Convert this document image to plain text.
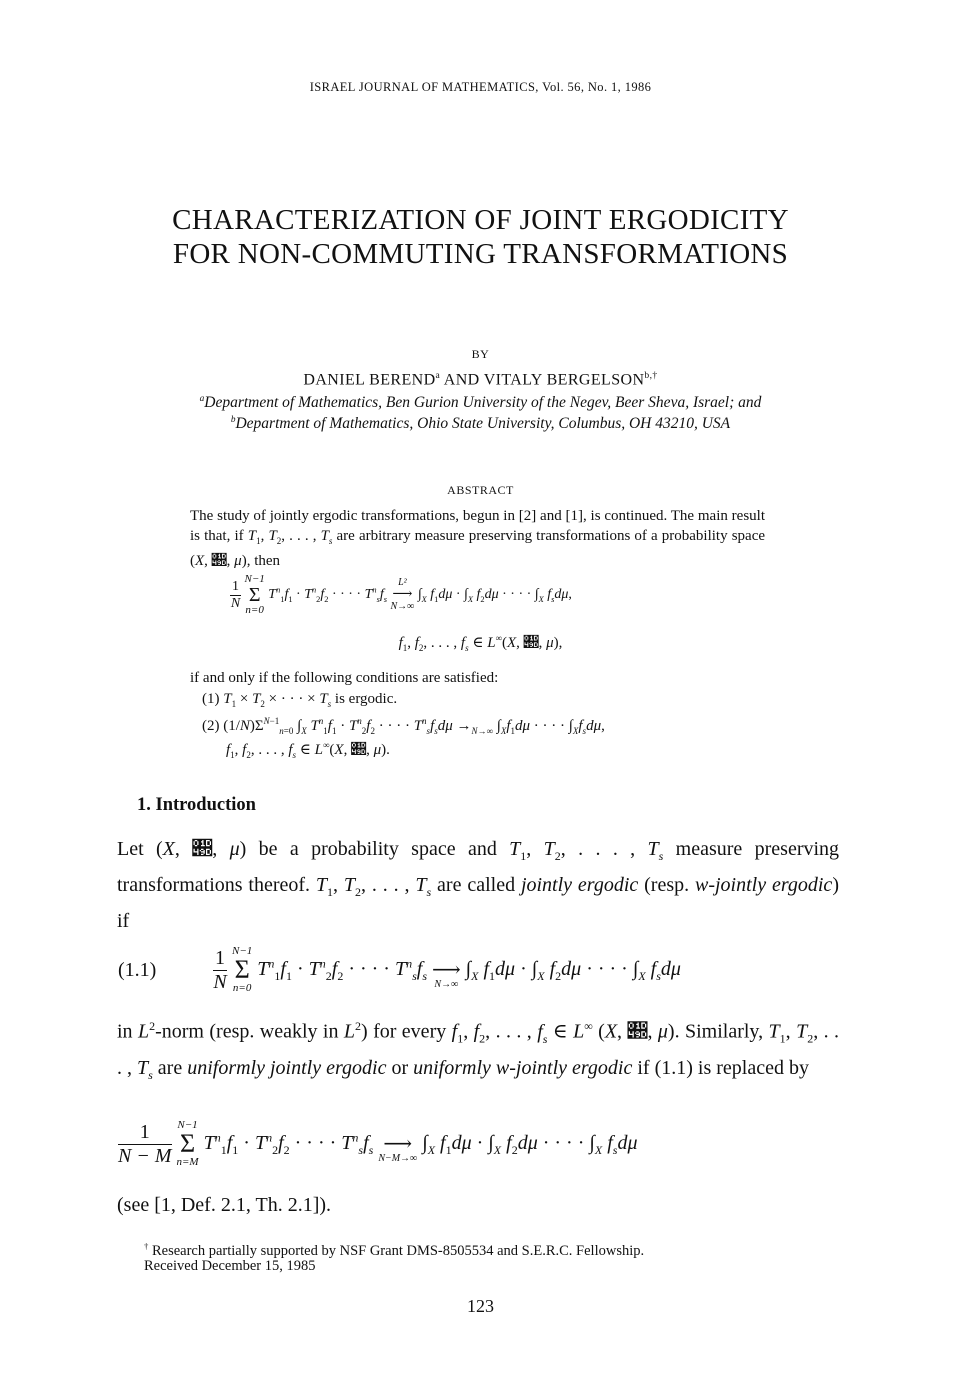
ISRAEL JOURNAL OF MATHEMATICS, Vol. 56, No. 1, 1986
CHARACTERIZATION OF JOINT ERGODICITY
FOR NON-COMMUTING TRANSFORMATIONS
BY
DANIEL BEREND$^a$ AND VITALY $BERGELSON^{b,\dagger}$
$^a$Department of Mathematics, Ben Gurion University of the Negev, Beer Sheva, Israel; and
$^b$Department of Mathematics, Ohio State University, Columbus, OH 43210, USA
ABSTRACT
The study of jointly ergodic transformations, begun in [2] and [1], is continued. The main result is that, if $T_1$, $T_2$, . . . , $T_s$ are arbitrary measure preserving transformations of a probability space (X, 𝒝, μ), then
$\frac{1}{N}$
N−1
Σ
n=0
$T^n_1f_1 \cdot T^n_2f_2$ · · · · $T^n_sf_s$
L²
⟶
N→∞
$\int_X$ $f_1d\mu \cdot \int_X$ $f_2d\mu$ · · · · $\int_X$ $f_sd\mu$,
$f_1$, $f_2$, . . . , $f_s$ ∈ L∞(X, 𝒝, μ),
if and only if the following conditions are satisfied:
(1) $T_1 \times T_2$ × · · · × $T_s$ is ergodic.
(2) $(1/N)\Sigma^{N-1}_{n=0}$ $\int_X$ $T^n_1f_1 \cdot T^n_2f_2$ · · · · $T^n_sf_sd\mu \to_{N\to\infty}$ $\int_Xf_1d\mu$ · · · · $\int_Xf_sd\mu$,
$f_1$, $f_2$, . . . , $f_s$ ∈ L∞(X, 𝒝, μ).
1. Introduction
Let (X, 𝒝, μ) be a probability space and $T_1$, $T_2$, . . . , $T_s$ measure preserving transformations thereof. $T_1$, $T_2$, . . . , $T_s$ are called jointly ergodic (resp. w-jointly ergodic) if
(1.1)	$\frac{1}{N}$
N−1
Σ
n=0
$T^n_1f_1 \cdot T^n_2f_2$ · · · · $T^n_sf_s$
⟶
N→∞
$\int_X$ $f_1d\mu \cdot \int_X$ $f_2d\mu$ · · · · $\int_X$ $f_sd\mu$
in $L^2$-norm (resp. weakly in $L^2$) for every $f_1$, $f_2$, . . . , $f_s$ ∈ L∞ (X, 𝒝, μ). Similarly, $T_1$, $T_2$, . . . , $T_s$ are uniformly jointly ergodic or uniformly w-jointly ergodic if (1.1) is replaced by
$\frac{1}{N - M}$
N−1
Σ
n=M
$T^n_1f_1 \cdot T^n_2f_2$ · · · · $T^n_sf_s$
⟶
N−M→∞
$\int_X$ $f_1d\mu \cdot \int_X$ $f_2d\mu$ · · · · $\int_X$ $f_sd\mu$
(see [1, Def. 2.1, Th. 2.1]).
† Research partially supported by NSF Grant DMS-8505534 and S.E.R.C. Fellowship.
Received December 15, 1985
123
